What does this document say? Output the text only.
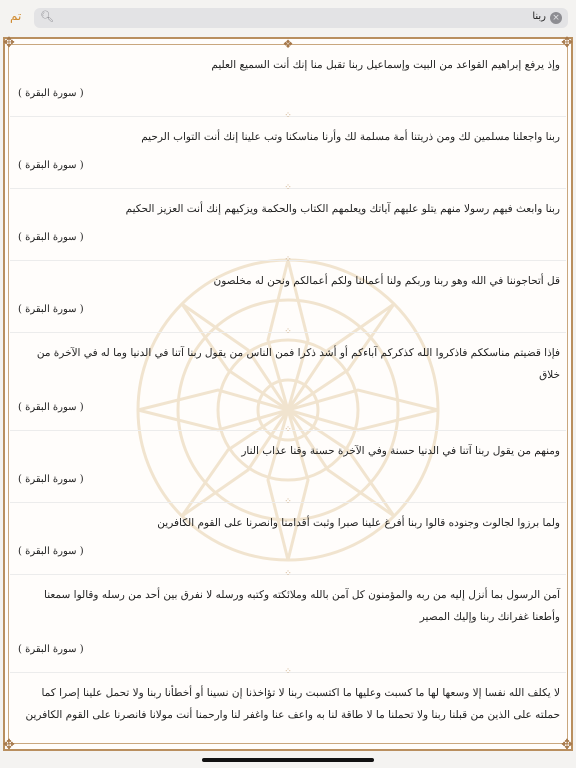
تم 🔍︎	ربنا ×
✥	✥
✥	✥
❖
وإذ يرفع إبراهيم القواعد من البيت وإسماعيل ربنا تقبل منا إنك أنت السميع العليم
( سورة البقرة )
⁘
ربنا واجعلنا مسلمين لك ومن ذريتنا أمة مسلمة لك وأرنا مناسكنا وتب علينا إنك أنت التواب الرحيم
( سورة البقرة )
⁘
ربنا وابعث فيهم رسولا منهم يتلو عليهم آياتك ويعلمهم الكتاب والحكمة ويزكيهم إنك أنت العزيز الحكيم
( سورة البقرة )
⁘
قل أتحاجوننا في الله وهو ربنا وربكم ولنا أعمالنا ولكم أعمالكم ونحن له مخلصون
( سورة البقرة )
⁘
فإذا قضيتم مناسككم فاذكروا الله كذكركم آباءكم أو أشد ذكرا فمن الناس من يقول ربنا آتنا في الدنيا وما له في الآخرة من خلاق
( سورة البقرة )
⁘
ومنهم من يقول ربنا آتنا في الدنيا حسنة وفي الآخرة حسنة وقنا عذاب النار
( سورة البقرة )
⁘
ولما برزوا لجالوت وجنوده قالوا ربنا أفرغ علينا صبرا وثبت أقدامنا وانصرنا على القوم الكافرين
( سورة البقرة )
⁘
آمن الرسول بما أنزل إليه من ربه والمؤمنون كل آمن بالله وملائكته وكتبه ورسله لا نفرق بين أحد من رسله وقالوا سمعنا وأطعنا غفرانك ربنا وإليك المصير
( سورة البقرة )
⁘
لا يكلف الله نفسا إلا وسعها لها ما كسبت وعليها ما اكتسبت ربنا لا تؤاخذنا إن نسينا أو أخطأنا ربنا ولا تحمل علينا إصرا كما حملته على الذين من قبلنا ربنا ولا تحملنا ما لا طاقة لنا به واعف عنا واغفر لنا وارحمنا أنت مولانا فانصرنا على القوم الكافرين
